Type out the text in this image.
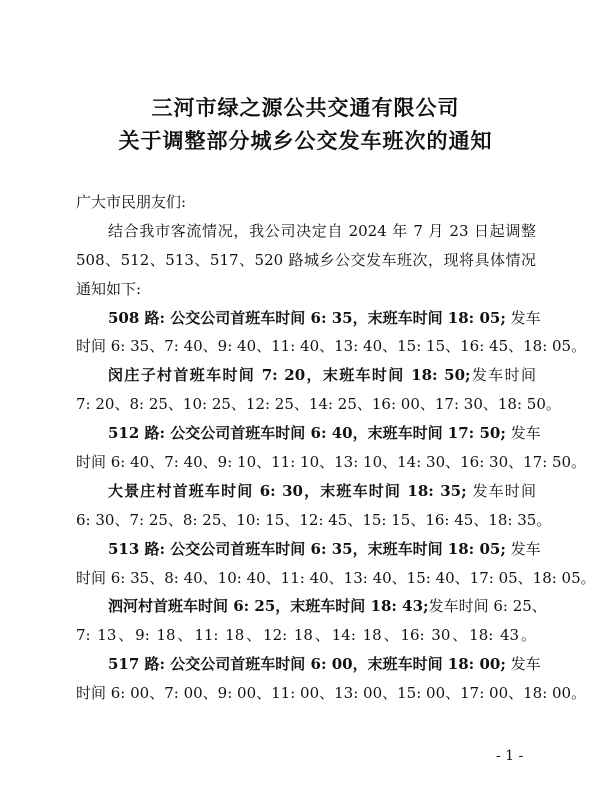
三河市绿之源公共交通有限公司
关于调整部分城乡公交发车班次的通知
广大市民朋友们:
结合我市客流情况，我公司决定自 2024 年 7 月 23 日起调整
508、512、513、517、520 路城乡公交发车班次，现将具体情况
通知如下:
508 路: 公交公司首班车时间 6: 35，末班车时间 18: 05; 发车
时间 6: 35、7: 40、9: 40、11: 40、13: 40、15: 15、16: 45、18: 05。
闵庄子村首班车时间 7: 20，末班车时间 18: 50;发车时间
7: 20、8: 25、10: 25、12: 25、14: 25、16: 00、17: 30、18: 50。
512 路: 公交公司首班车时间 6: 40，末班车时间 17: 50; 发车
时间 6: 40、7: 40、9: 10、11: 10、13: 10、14: 30、16: 30、17: 50。
大景庄村首班车时间 6: 30，末班车时间 18: 35; 发车时间
6: 30、7: 25、8: 25、10: 15、12: 45、15: 15、16: 45、18: 35。
513 路: 公交公司首班车时间 6: 35，末班车时间 18: 05; 发车
时间 6: 35、8: 40、10: 40、11: 40、13: 40、15: 40、17: 05、18: 05。
泗河村首班车时间 6: 25，末班车时间 18: 43;发车时间 6: 25、
7: 13、9: 18、11: 18、12: 18、14: 18、16: 30、18: 43。
517 路: 公交公司首班车时间 6: 00，末班车时间 18: 00; 发车
时间 6: 00、7: 00、9: 00、11: 00、13: 00、15: 00、17: 00、18: 00。
- 1 -
